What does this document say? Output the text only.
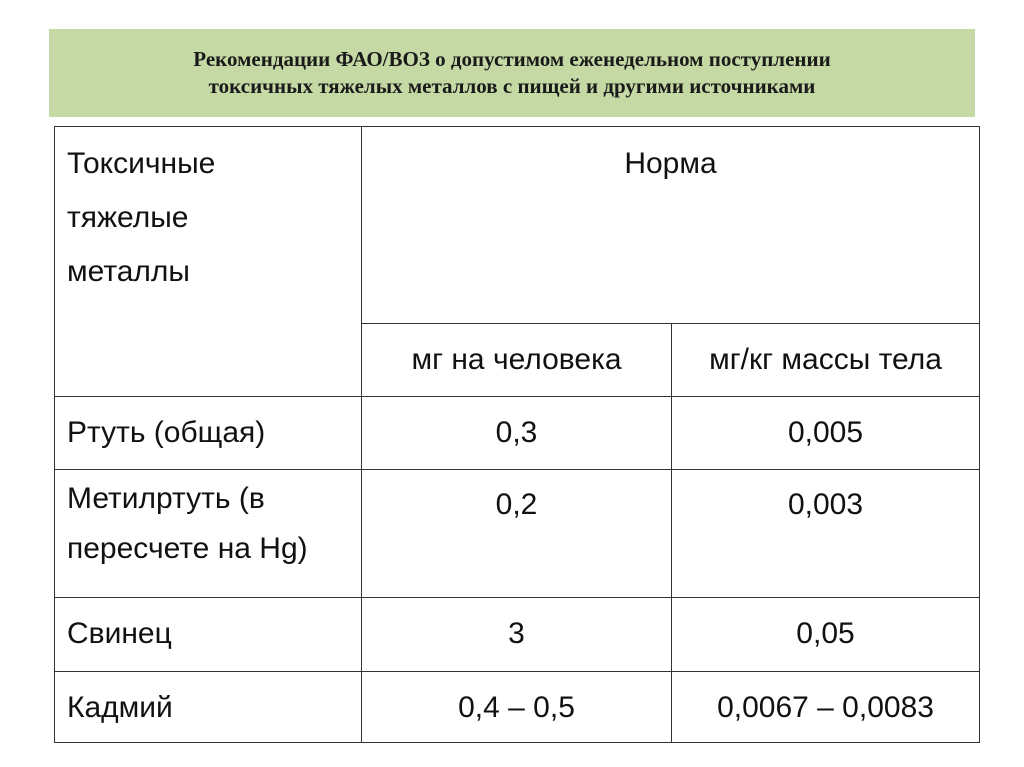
Рекомендации ФАО/ВОЗ о допустимом еженедельном поступлении
токсичных тяжелых металлов с пищей и другими источниками
Токсичные
тяжелые
металлы	Норма	

	мг на человека	мг/кг массы тела

Ртуть (общая)	0,3	0,005

Метилртуть (в
пересчете на Hg)	0,2	0,003

Свинец	3	0,05

Кадмий	0,4 – 0,5	0,0067 – 0,0083
